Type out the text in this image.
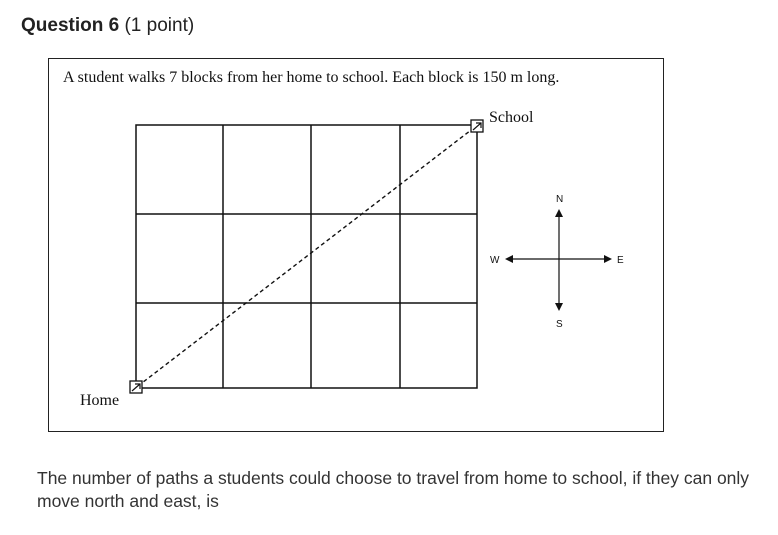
Question 6 (1 point)
A student walks 7 blocks from her home to school. Each block is 150 m long.
School
Home
N
S
E
W
The number of paths a students could choose to travel from home to school, if they can only move north and east, is
